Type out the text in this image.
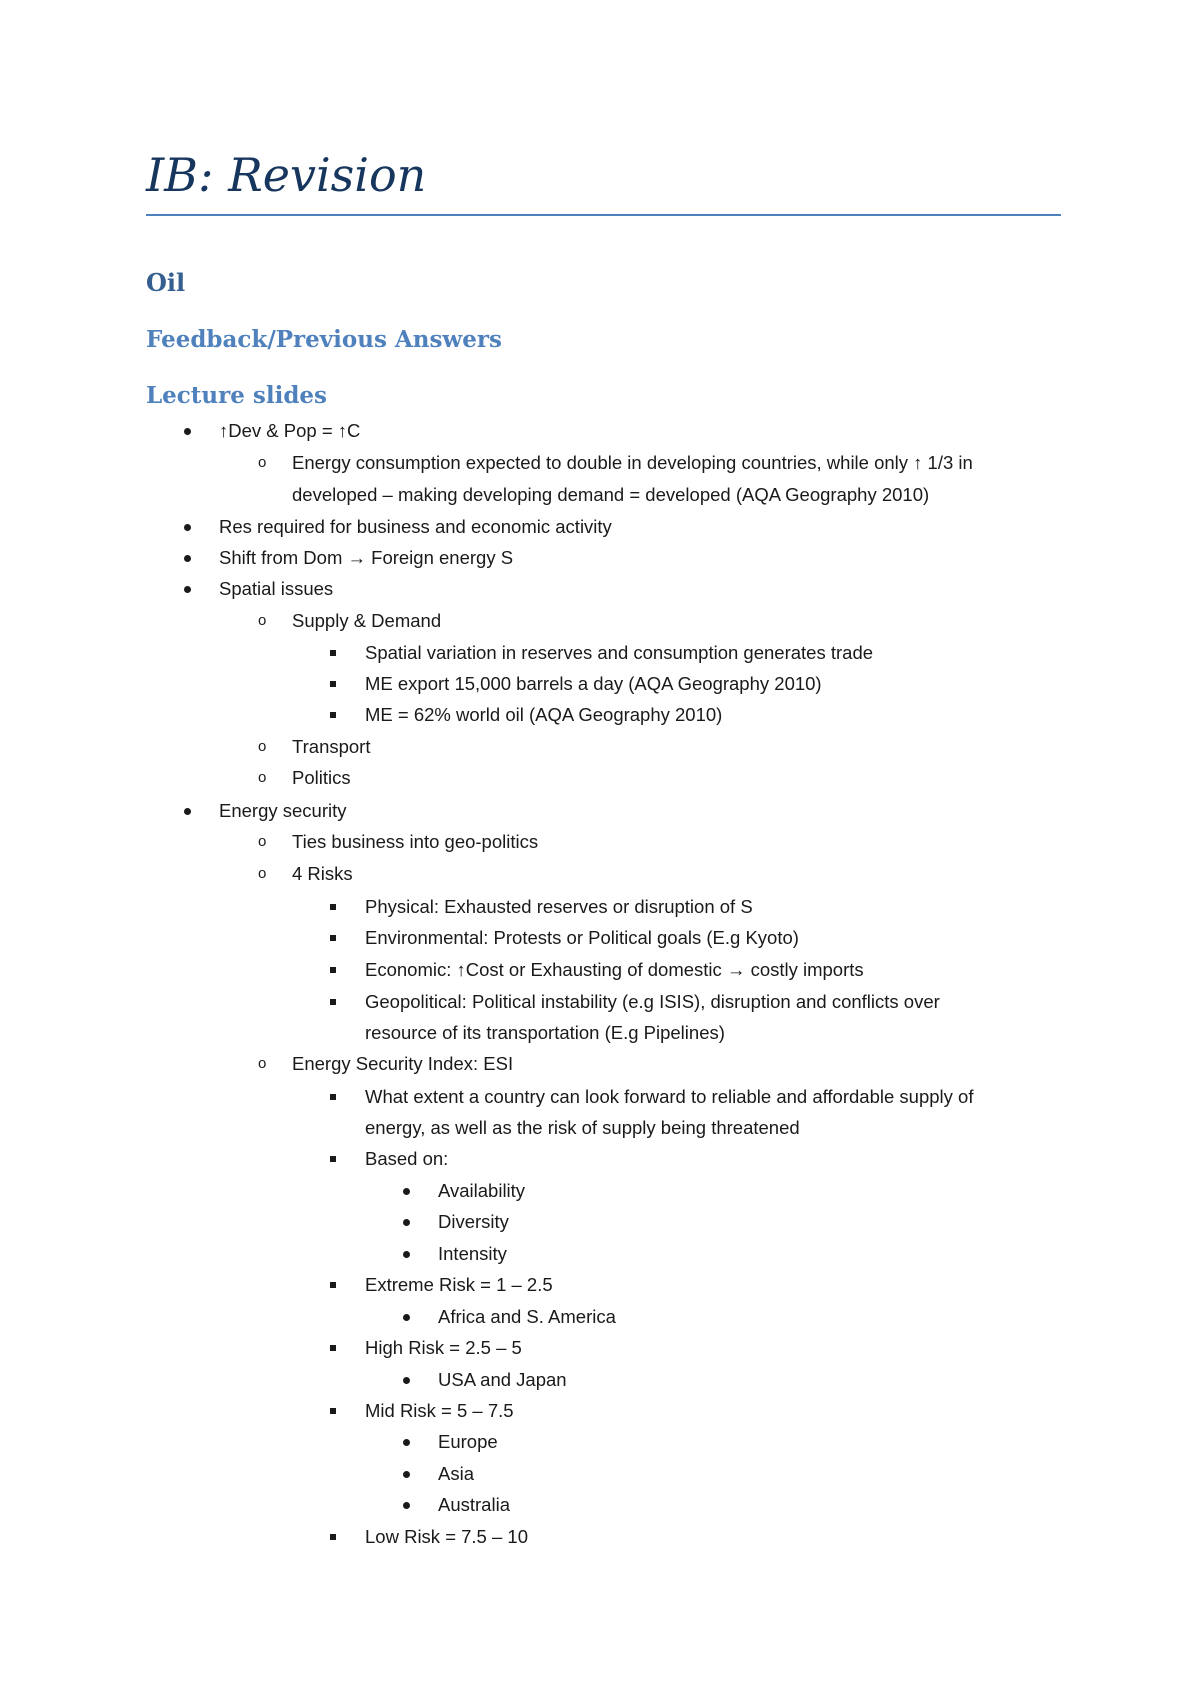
IB: Revision
Oil
Feedback/Previous Answers
Lecture slides
↑Dev & Pop = ↑C
o Energy consumption expected to double in developing countries, while only ↑ 1/3 in
developed – making developing demand = developed (AQA Geography 2010)
Res required for business and economic activity
Shift from Dom → Foreign energy S
Spatial issues
o Supply & Demand
Spatial variation in reserves and consumption generates trade
ME export 15,000 barrels a day (AQA Geography 2010)
ME = 62% world oil (AQA Geography 2010)
o Transport
o Politics
Energy security
o Ties business into geo-politics
o 4 Risks
Physical: Exhausted reserves or disruption of S
Environmental: Protests or Political goals (E.g Kyoto)
Economic: ↑Cost or Exhausting of domestic → costly imports
Geopolitical: Political instability (e.g ISIS), disruption and conflicts over
resource of its transportation (E.g Pipelines)
o Energy Security Index: ESI
What extent a country can look forward to reliable and affordable supply of
energy, as well as the risk of supply being threatened
Based on:
Availability
Diversity
Intensity
Extreme Risk = 1 – 2.5
Africa and S. America
High Risk = 2.5 – 5
USA and Japan
Mid Risk = 5 – 7.5
Europe
Asia
Australia
Low Risk = 7.5 – 10
